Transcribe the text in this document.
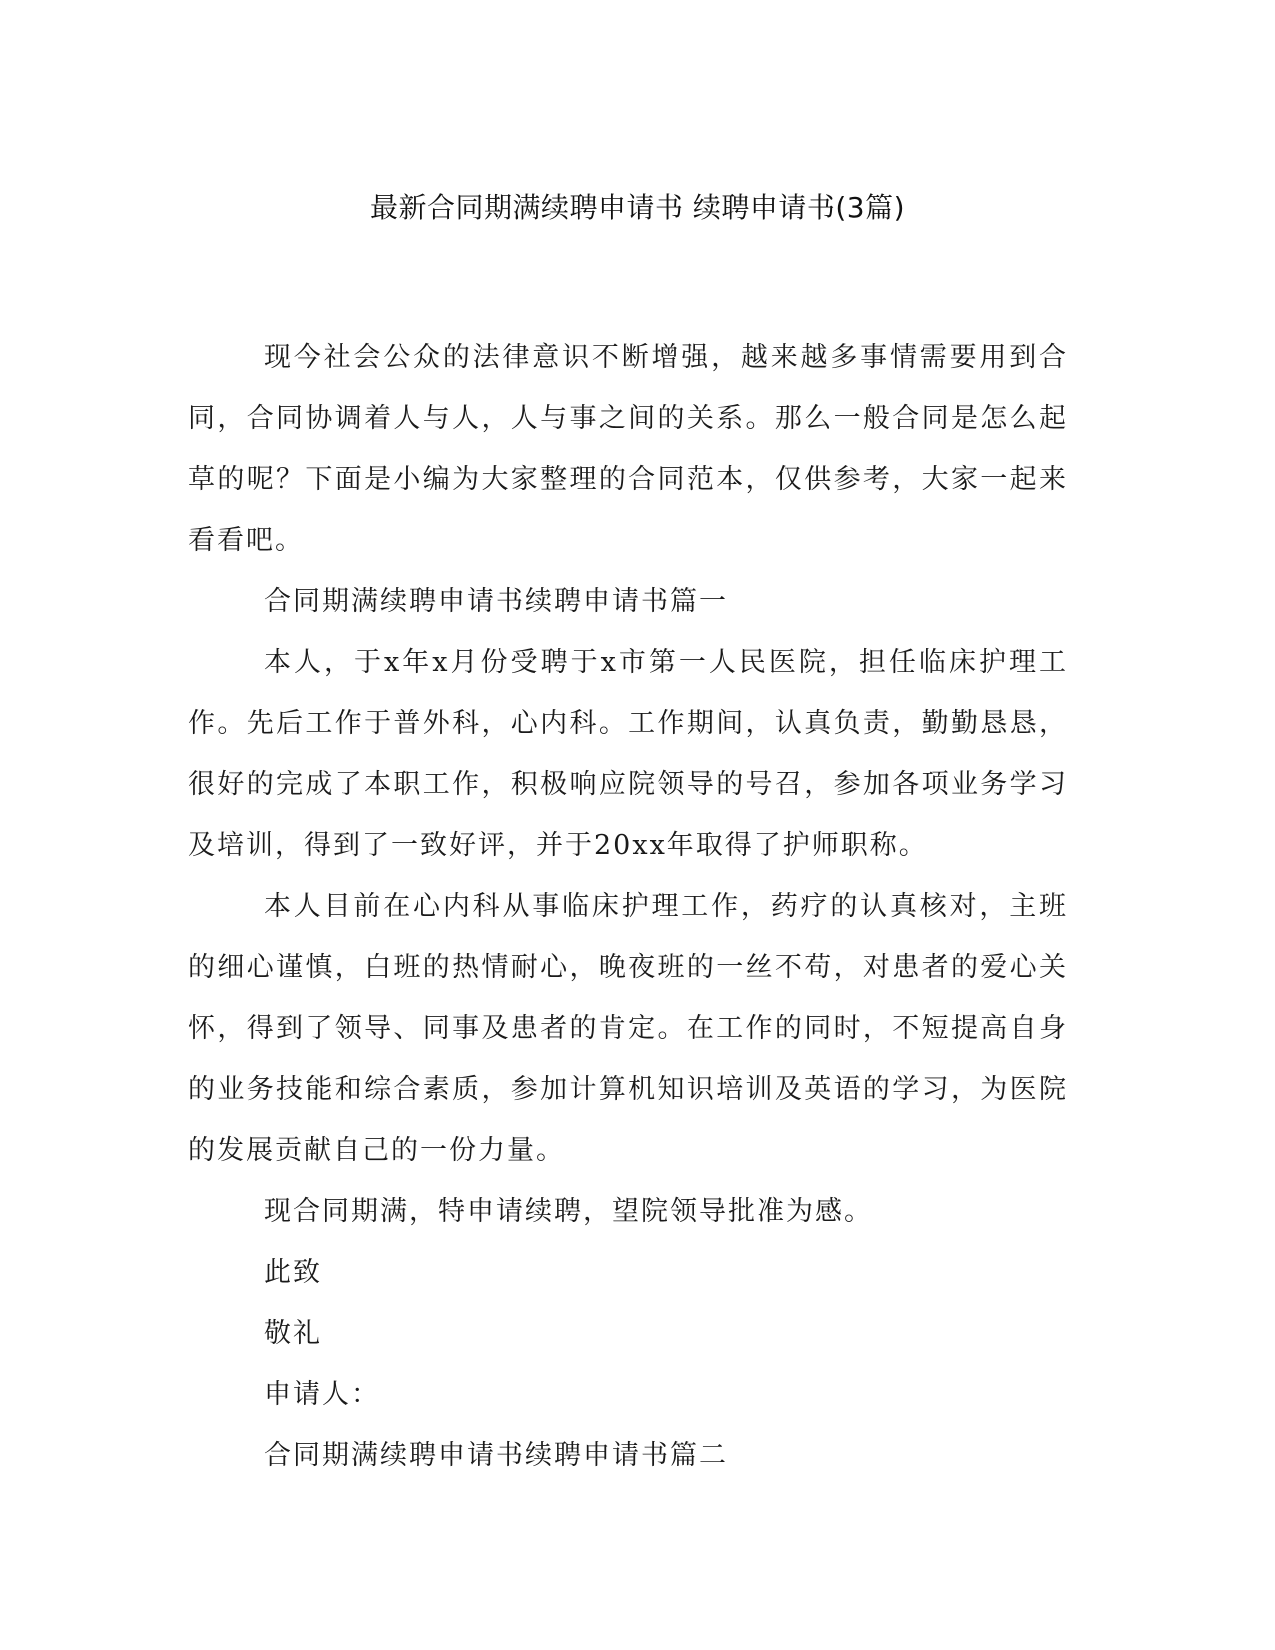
最新合同期满续聘申请书 续聘申请书(3篇)

现今社会公众的法律意识不断增强，越来越多事情需要用到合同，合同协调着人与人，人与事之间的关系。那么一般合同是怎么起草的呢？下面是小编为大家整理的合同范本，仅供参考，大家一起来看看吧。

合同期满续聘申请书续聘申请书篇一

本人，于x年x月份受聘于x市第一人民医院，担任临床护理工作。先后工作于普外科，心内科。工作期间，认真负责，勤勤恳恳，很好的完成了本职工作，积极响应院领导的号召，参加各项业务学习及培训，得到了一致好评，并于20xx年取得了护师职称。

本人目前在心内科从事临床护理工作，药疗的认真核对，主班的细心谨慎，白班的热情耐心，晚夜班的一丝不苟，对患者的爱心关怀，得到了领导、同事及患者的肯定。在工作的同时，不短提高自身的业务技能和综合素质，参加计算机知识培训及英语的学习，为医院的发展贡献自己的一份力量。

现合同期满，特申请续聘，望院领导批准为感。

此致

敬礼

申请人：

合同期满续聘申请书续聘申请书篇二
